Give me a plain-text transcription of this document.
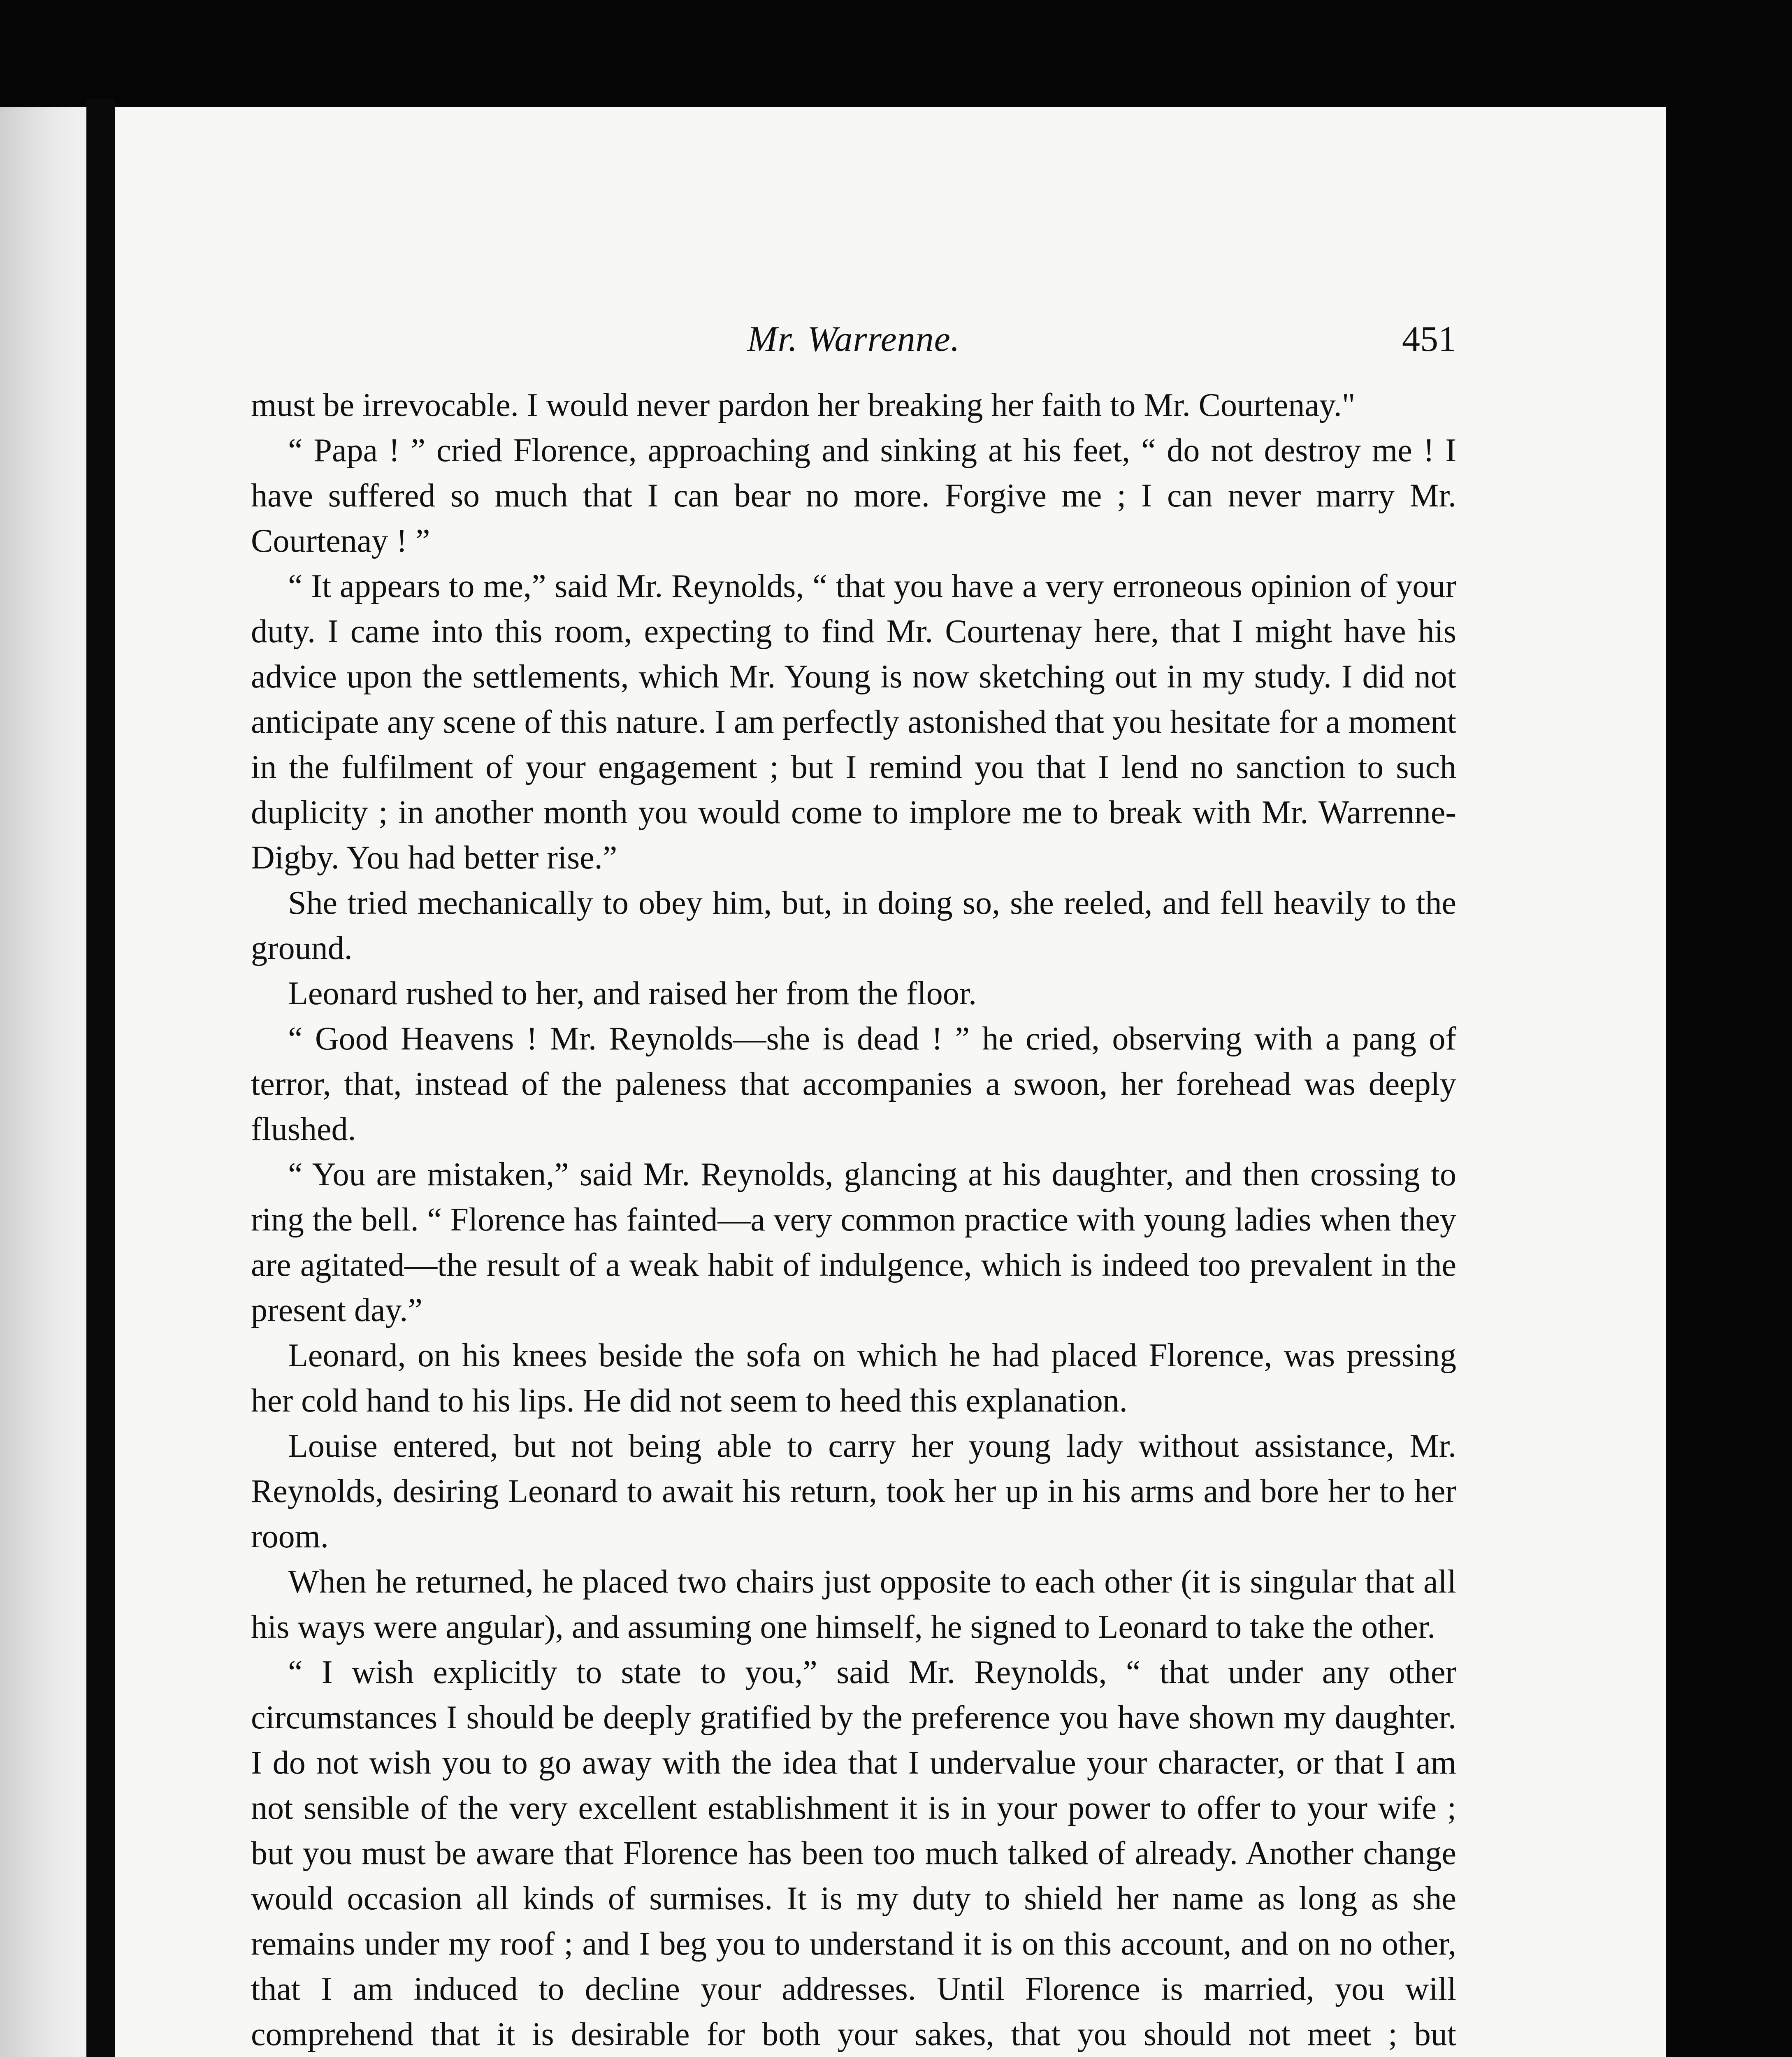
Mr. Warrenne.	451

must be irrevocable. I would never pardon her breaking her faith to Mr. Courtenay."

“ Papa ! ” cried Florence, approaching and sinking at his feet, “ do not destroy me ! I have suffered so much that I can bear no more. Forgive me ; I can never marry Mr. Courtenay ! ”

“ It appears to me,” said Mr. Reynolds, “ that you have a very erroneous opinion of your duty. I came into this room, expecting to find Mr. Courtenay here, that I might have his advice upon the settlements, which Mr. Young is now sketching out in my study. I did not anticipate any scene of this nature. I am perfectly astonished that you hesitate for a moment in the fulfilment of your engagement ; but I remind you that I lend no sanction to such duplicity ; in another month you would come to implore me to break with Mr. Warrenne-Digby. You had better rise.”

She tried mechanically to obey him, but, in doing so, she reeled, and fell heavily to the ground.

Leonard rushed to her, and raised her from the floor.

“ Good Heavens ! Mr. Reynolds—she is dead ! ” he cried, observing with a pang of terror, that, instead of the paleness that accompanies a swoon, her forehead was deeply flushed.

“ You are mistaken,” said Mr. Reynolds, glancing at his daughter, and then crossing to ring the bell. “ Florence has fainted—a very common practice with young ladies when they are agitated—the result of a weak habit of indulgence, which is indeed too prevalent in the present day.”

Leonard, on his knees beside the sofa on which he had placed Florence, was pressing her cold hand to his lips. He did not seem to heed this explanation.

Louise entered, but not being able to carry her young lady without assistance, Mr. Reynolds, desiring Leonard to await his return, took her up in his arms and bore her to her room.

When he returned, he placed two chairs just opposite to each other (it is singular that all his ways were angular), and assuming one himself, he signed to Leonard to take the other.

“ I wish explicitly to state to you,” said Mr. Reynolds, “ that under any other circumstances I should be deeply gratified by the preference you have shown my daughter. I do not wish you to go away with the idea that I undervalue your character, or that I am not sensible of the very excellent establishment it is in your power to offer to your wife ; but you must be aware that Florence has been too much talked of already. Another change would occasion all kinds of surmises. It is my duty to shield her name as long as she remains under my roof ; and I beg you to understand it is on this account, and on no other, that I am induced to decline your addresses. Until Florence is married, you will comprehend that it is desirable for both your sakes, that you should not meet ; but
